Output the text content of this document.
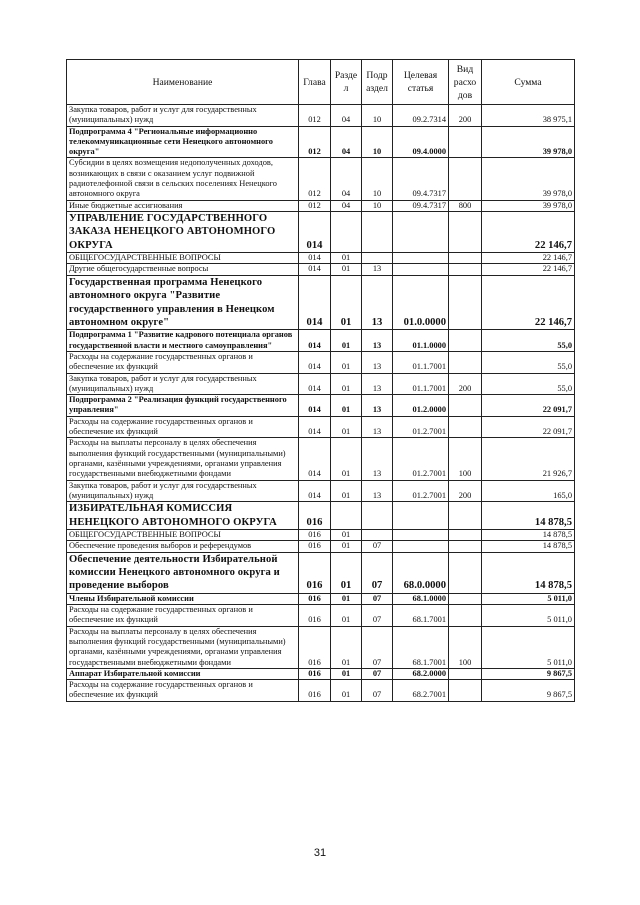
Наименование	Глава	Разде л	Подр аздел	Целевая статья	Вид расхо дов	Сумма
Закупка товаров, работ и услуг для государственных (муниципальных) нужд	012	04	10	09.2.7314	200	38 975,1
Подпрограмма 4 "Региональные информационно телекоммуникационные сети Ненецкого автономного округа"	012	04	10	09.4.0000		39 978,0
Субсидии в целях возмещения недополученных доходов, возникающих в связи с оказанием услуг подвижной радиотелефонной связи в сельских поселениях Ненецкого автономного округа	012	04	10	09.4.7317		39 978,0
Иные бюджетные ассигнования	012	04	10	09.4.7317	800	39 978,0
УПРАВЛЕНИЕ ГОСУДАРСТВЕННОГО ЗАКАЗА НЕНЕЦКОГО АВТОНОМНОГО ОКРУГА	014					22 146,7
ОБЩЕГОСУДАРСТВЕННЫЕ ВОПРОСЫ	014	01				22 146,7
Другие общегосударственные вопросы	014	01	13			22 146,7
Государственная программа Ненецкого автономного округа "Развитие государственного управления в Ненецком автономном округе"	014	01	13	01.0.0000		22 146,7
Подпрограмма 1 "Развитие кадрового потенциала органов государственной власти и местного самоуправления"	014	01	13	01.1.0000		55,0
Расходы на содержание государственных органов и обеспечение их функций	014	01	13	01.1.7001		55,0
Закупка товаров, работ и услуг для государственных (муниципальных) нужд	014	01	13	01.1.7001	200	55,0
Подпрограмма 2 "Реализация функций государственного управления"	014	01	13	01.2.0000		22 091,7
Расходы на содержание государственных органов и обеспечение их функций	014	01	13	01.2.7001		22 091,7
Расходы на выплаты персоналу в целях обеспечения выполнения функций государственными (муниципальными) органами, казёнными учреждениями, органами управления государственными внебюджетными фондами	014	01	13	01.2.7001	100	21 926,7
Закупка товаров, работ и услуг для государственных (муниципальных) нужд	014	01	13	01.2.7001	200	165,0
ИЗБИРАТЕЛЬНАЯ КОМИССИЯ НЕНЕЦКОГО АВТОНОМНОГО ОКРУГА	016					14 878,5
ОБЩЕГОСУДАРСТВЕННЫЕ ВОПРОСЫ	016	01				14 878,5
Обеспечение проведения выборов и референдумов	016	01	07			14 878,5
Обеспечение деятельности Избирательной комиссии Ненецкого автономного округа и проведение выборов	016	01	07	68.0.0000		14 878,5
Члены Избирательной комиссии	016	01	07	68.1.0000		5 011,0
Расходы на содержание государственных органов и обеспечение их функций	016	01	07	68.1.7001		5 011,0
Расходы на выплаты персоналу в целях обеспечения выполнения функций государственными (муниципальными) органами, казёнными учреждениями, органами управления государственными внебюджетными фондами	016	01	07	68.1.7001	100	5 011,0
Аппарат Избирательной комиссии	016	01	07	68.2.0000		9 867,5
Расходы на содержание государственных органов и обеспечение их функций	016	01	07	68.2.7001		9 867,5
31
